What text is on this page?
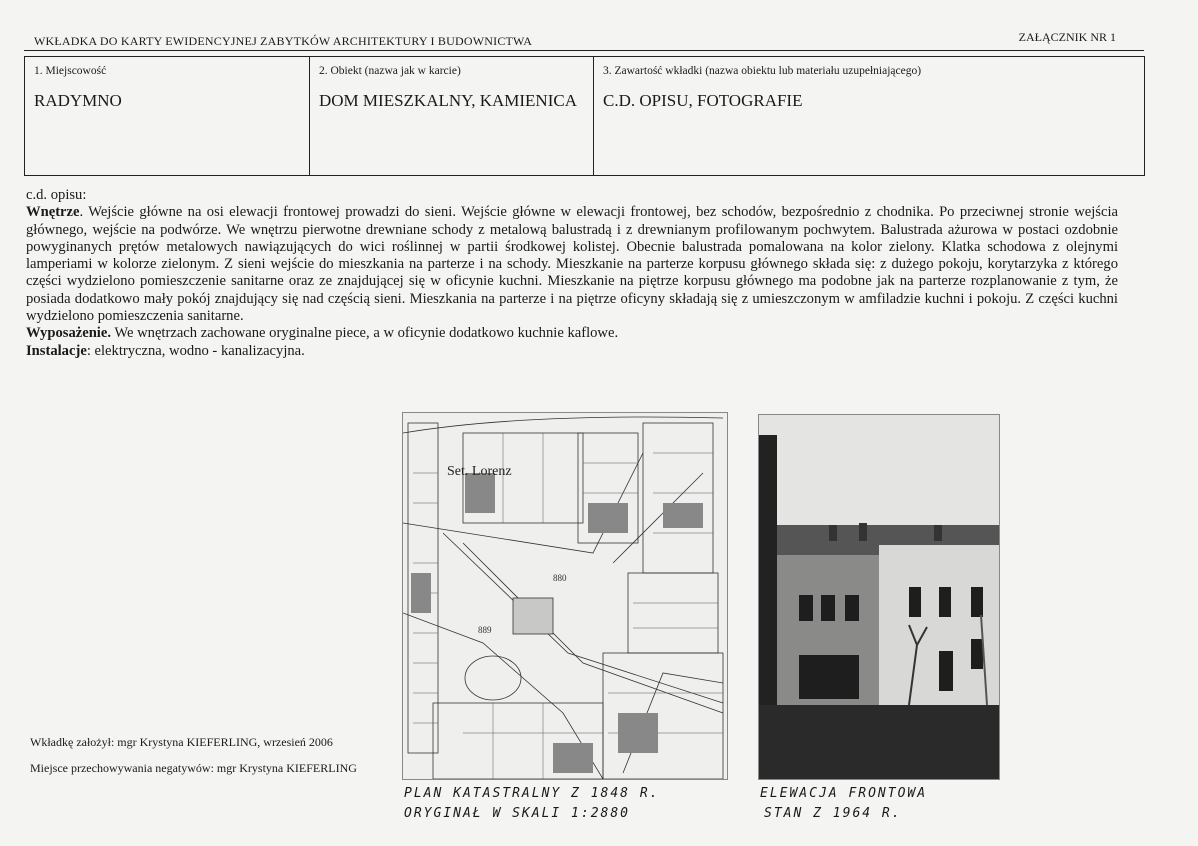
WKŁADKA DO KARTY EWIDENCYJNEJ ZABYTKÓW ARCHITEKTURY I BUDOWNICTWA	ZAŁĄCZNIK NR 1
1. Miejscowość
RADYMNO

2. Obiekt (nazwa jak w karcie)
DOM MIESZKALNY, KAMIENICA

3. Zawartość wkładki (nazwa obiektu lub materiału uzupełniającego)
C.D. OPISU, FOTOGRAFIE

c.d. opisu:

Wnętrze. Wejście główne na osi elewacji frontowej prowadzi do sieni. Wejście główne w elewacji frontowej, bez schodów, bezpośrednio z chodnika. Po przeciwnej stronie wejścia głównego, wejście na podwórze. We wnętrzu pierwotne drewniane schody z metalową balustradą i z drewnianym profilowanym pochwytem. Balustrada ażurowa w postaci ozdobnie powyginanych prętów metalowych nawiązujących do wici roślinnej w partii środkowej kolistej. Obecnie balustrada pomalowana na kolor zielony. Klatka schodowa z olejnymi lamperiami w kolorze zielonym. Z sieni wejście do mieszkania na parterze i na schody. Mieszkanie na parterze korpusu głównego składa się: z dużego pokoju, korytarzyka z którego części wydzielono pomieszczenie sanitarne oraz ze znajdującej się w oficynie kuchni. Mieszkanie na piętrze korpusu głównego ma podobne jak na parterze rozplanowanie z tym, że posiada dodatkowo mały pokój znajdujący się nad częścią sieni. Mieszkania na parterze i na piętrze oficyny składają się z umieszczonym w amfiladzie kuchni i pokoju. Z części kuchni wydzielono pomieszczenia sanitarne.

Wyposażenie. We wnętrzach zachowane oryginalne piece, a w oficynie dodatkowo kuchnie kaflowe.

Instalacje: elektryczna, wodno - kanalizacyjna.

Set. Lorenz
889
880
Wkładkę założył: mgr Krystyna KIEFERLING, wrzesień 2006
Miejsce przechowywania negatywów: mgr Krystyna KIEFERLING
PLAN KATASTRALNY Z 1848 R.
ORYGINAŁ W SKALI 1:2880
ELEWACJA FRONTOWA
STAN Z 1964 R.
